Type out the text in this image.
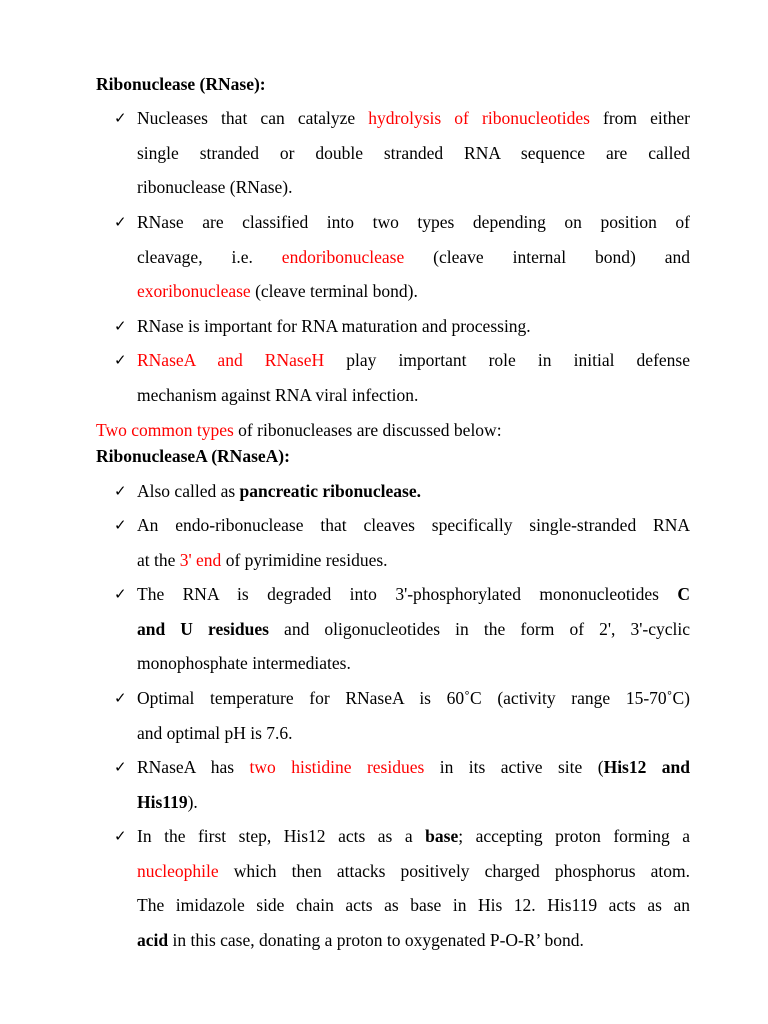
Ribonuclease (RNase):
✓ Nucleases that can catalyze hydrolysis of ribonucleotides from either
single stranded or double stranded RNA sequence are called
ribonuclease (RNase).
✓ RNase are classified into two types depending on position of
cleavage, i.e. endoribonuclease (cleave internal bond) and
exoribonuclease (cleave terminal bond).
✓ RNase is important for RNA maturation and processing.
✓ RNaseA and RNaseH play important role in initial defense
mechanism against RNA viral infection.
Two common types of ribonucleases are discussed below:
RibonucleaseA (RNaseA):
✓ Also called as pancreatic ribonuclease.
✓ An endo-ribonuclease that cleaves specifically single-stranded RNA
at the 3' end of pyrimidine residues.
✓ The RNA is degraded into 3'-phosphorylated mononucleotides C
and U residues and oligonucleotides in the form of 2', 3'-cyclic
monophosphate intermediates.
✓ Optimal temperature for RNaseA is 60˚C (activity range 15-70˚C)
and optimal pH is 7.6.
✓ RNaseA has two histidine residues in its active site (His12 and
His119).
✓ In the first step, His12 acts as a base; accepting proton forming a
nucleophile which then attacks positively charged phosphorus atom.
The imidazole side chain acts as base in His 12. His119 acts as an
acid in this case, donating a proton to oxygenated P-O-R’ bond.
